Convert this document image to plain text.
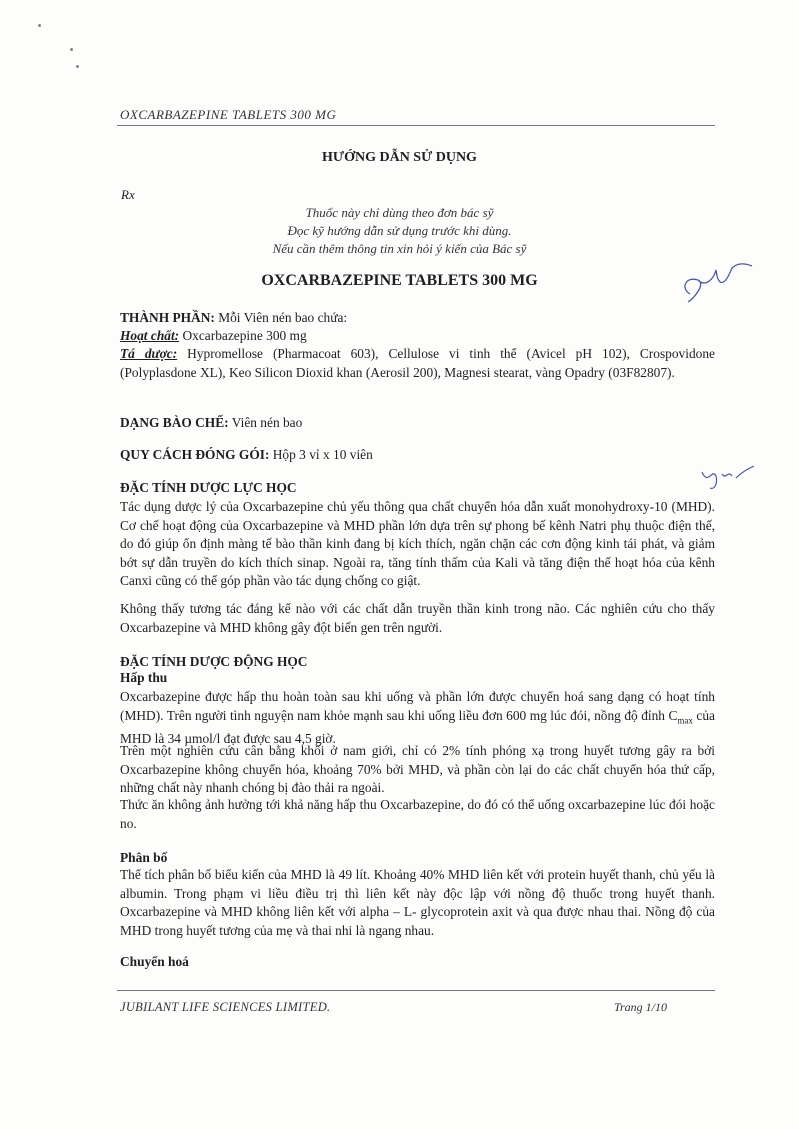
OXCARBAZEPINE TABLETS 300 MG
HƯỚNG DẪN SỬ DỤNG
Rx
Thuốc này chỉ dùng theo đơn bác sỹ
Đọc kỹ hướng dẫn sử dụng trước khi dùng.
Nếu cần thêm thông tin xin hỏi ý kiến của Bác sỹ
OXCARBAZEPINE TABLETS 300 MG
THÀNH PHẦN: Mỗi Viên nén bao chứa:
Hoạt chất: Oxcarbazepine 300 mg
Tá dược: Hypromellose (Pharmacoat 603), Cellulose vi tinh thể (Avicel pH 102), Crospovidone (Polyplasdone XL), Keo Silicon Dioxid khan (Aerosil 200), Magnesi stearat, vàng Opadry (03F82807).
DẠNG BÀO CHẾ: Viên nén bao
QUY CÁCH ĐÓNG GÓI: Hộp 3 vỉ x 10 viên
ĐẶC TÍNH DƯỢC LỰC HỌC
Tác dụng dược lý của Oxcarbazepine chủ yếu thông qua chất chuyển hóa dẫn xuất monohydroxy-10 (MHD). Cơ chế hoạt động của Oxcarbazepine và MHD phần lớn dựa trên sự phong bế kênh Natri phụ thuộc điện thế, do đó giúp ổn định màng tế bào thần kinh đang bị kích thích, ngăn chặn các cơn động kinh tái phát, và giảm bớt sự dẫn truyền do kích thích sinap. Ngoài ra, tăng tính thấm của Kali và tăng điện thế hoạt hóa của kênh Canxi cũng có thể góp phần vào tác dụng chống co giật.
Không thấy tương tác đáng kể nào với các chất dẫn truyền thần kinh trong não. Các nghiên cứu cho thấy Oxcarbazepine và MHD không gây đột biến gen trên người.
ĐẶC TÍNH DƯỢC ĐỘNG HỌC
Hấp thu
Oxcarbazepine được hấp thu hoàn toàn sau khi uống và phần lớn được chuyển hoá sang dạng có hoạt tính (MHD). Trên người tình nguyện nam khỏe mạnh sau khi uống liều đơn 600 mg lúc đói, nồng độ đỉnh $C_{max}$ của MHD là 34 µmol/l đạt được sau 4,5 giờ.
Trên một nghiên cứu cân bằng khối ở nam giới, chỉ có 2% tính phóng xạ trong huyết tương gây ra bởi Oxcarbazepine không chuyển hóa, khoảng 70% bởi MHD, và phần còn lại do các chất chuyển hóa thứ cấp, những chất này nhanh chóng bị đào thải ra ngoài.
Thức ăn không ảnh hưởng tới khả năng hấp thu Oxcarbazepine, do đó có thể uống oxcarbazepine lúc đói hoặc no.
Phân bố
Thể tích phân bố biểu kiến của MHD là 49 lít. Khoảng 40% MHD liên kết với protein huyết thanh, chủ yếu là albumin. Trong phạm vi liều điều trị thì liên kết này độc lập với nồng độ thuốc trong huyết thanh. Oxcarbazepine và MHD không liên kết với alpha – L- glycoprotein axit và qua được nhau thai. Nồng độ của MHD trong huyết tương của mẹ và thai nhi là ngang nhau.
Chuyển hoá
JUBILANT LIFE SCIENCES LIMITED.	Trang 1/10
